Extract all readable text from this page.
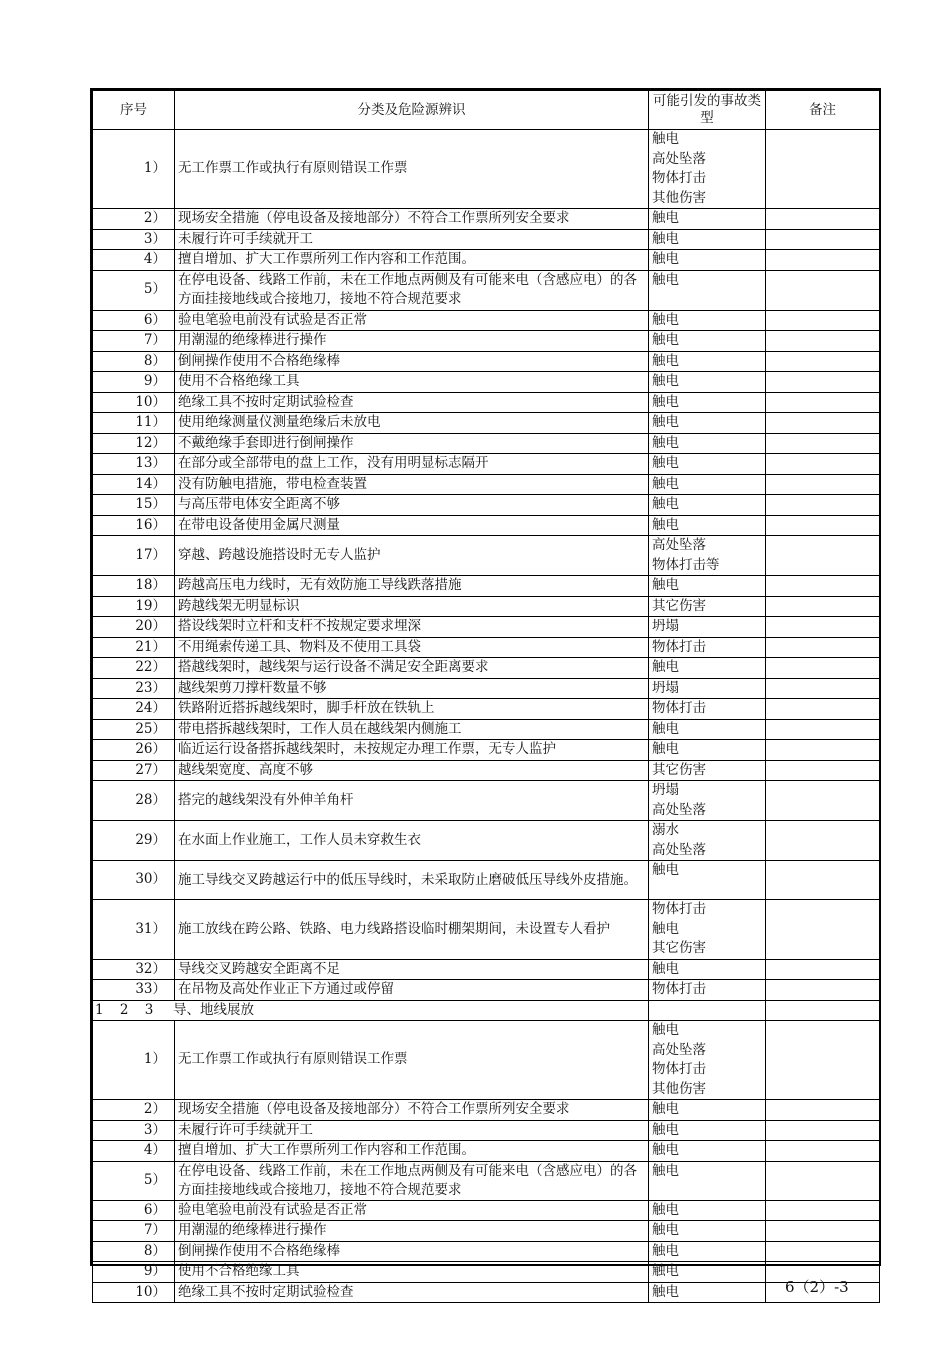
序号	分类及危险源辨识	可能引发的事故类型	备注
1）	无工作票工作或执行有原则错误工作票	触电
高处坠落
物体打击
其他伤害	
2）	现场安全措施（停电设备及接地部分）不符合工作票所列安全要求	触电	
3）	未履行许可手续就开工	触电	
4）	擅自增加、扩大工作票所列工作内容和工作范围。	触电	
5）	在停电设备、线路工作前，未在工作地点两侧及有可能来电（含感应电）的各方面挂接地线或合接地刀，接地不符合规范要求	触电	
6）	验电笔验电前没有试验是否正常	触电	
7）	用潮湿的绝缘棒进行操作	触电	
8）	倒闸操作使用不合格绝缘棒	触电	
9）	使用不合格绝缘工具	触电	
10）	绝缘工具不按时定期试验检查	触电	
11）	使用绝缘测量仪测量绝缘后未放电	触电	
12）	不戴绝缘手套即进行倒闸操作	触电	
13）	在部分或全部带电的盘上工作，没有用明显标志隔开	触电	
14）	没有防触电措施，带电检查装置	触电	
15）	与高压带电体安全距离不够	触电	
16）	在带电设备使用金属尺测量	触电	
17）	穿越、跨越设施搭设时无专人监护	高处坠落
物体打击等	
18）	跨越高压电力线时，无有效防施工导线跌落措施	触电	
19）	跨越线架无明显标识	其它伤害	
20）	搭设线架时立杆和支杆不按规定要求埋深	坍塌	
21）	不用绳索传递工具、物料及不使用工具袋	物体打击	
22）	搭越线架时，越线架与运行设备不满足安全距离要求	触电	
23）	越线架剪刀撑杆数量不够	坍塌	
24）	铁路附近搭拆越线架时，脚手杆放在铁轨上	物体打击	
25）	带电搭拆越线架时，工作人员在越线架内侧施工	触电	
26）	临近运行设备搭拆越线架时，未按规定办理工作票，无专人监护	触电	
27）	越线架宽度、高度不够	其它伤害	
28）	搭完的越线架没有外伸羊角杆	坍塌
高处坠落	
29）	在水面上作业施工，工作人员未穿救生衣	溺水
高处坠落	
30）	施工导线交叉跨越运行中的低压导线时，未采取防止磨破低压导线外皮措施。	触电	
31）	施工放线在跨公路、铁路、电力线路搭设临时棚架期间，未设置专人看护	物体打击
触电
其它伤害	
32）	导线交叉跨越安全距离不足	触电	
33）	在吊物及高处作业正下方通过或停留	物体打击	
1 2 3 导、地线展放			
1）	无工作票工作或执行有原则错误工作票	触电
高处坠落
物体打击
其他伤害	
2）	现场安全措施（停电设备及接地部分）不符合工作票所列安全要求	触电	
3）	未履行许可手续就开工	触电	
4）	擅自增加、扩大工作票所列工作内容和工作范围。	触电	
5）	在停电设备、线路工作前，未在工作地点两侧及有可能来电（含感应电）的各方面挂接地线或合接地刀，接地不符合规范要求	触电	
6）	验电笔验电前没有试验是否正常	触电	
7）	用潮湿的绝缘棒进行操作	触电	
8）	倒闸操作使用不合格绝缘棒	触电	
9）	使用不合格绝缘工具	触电	
10）	绝缘工具不按时定期试验检查	触电		6（2）-3
